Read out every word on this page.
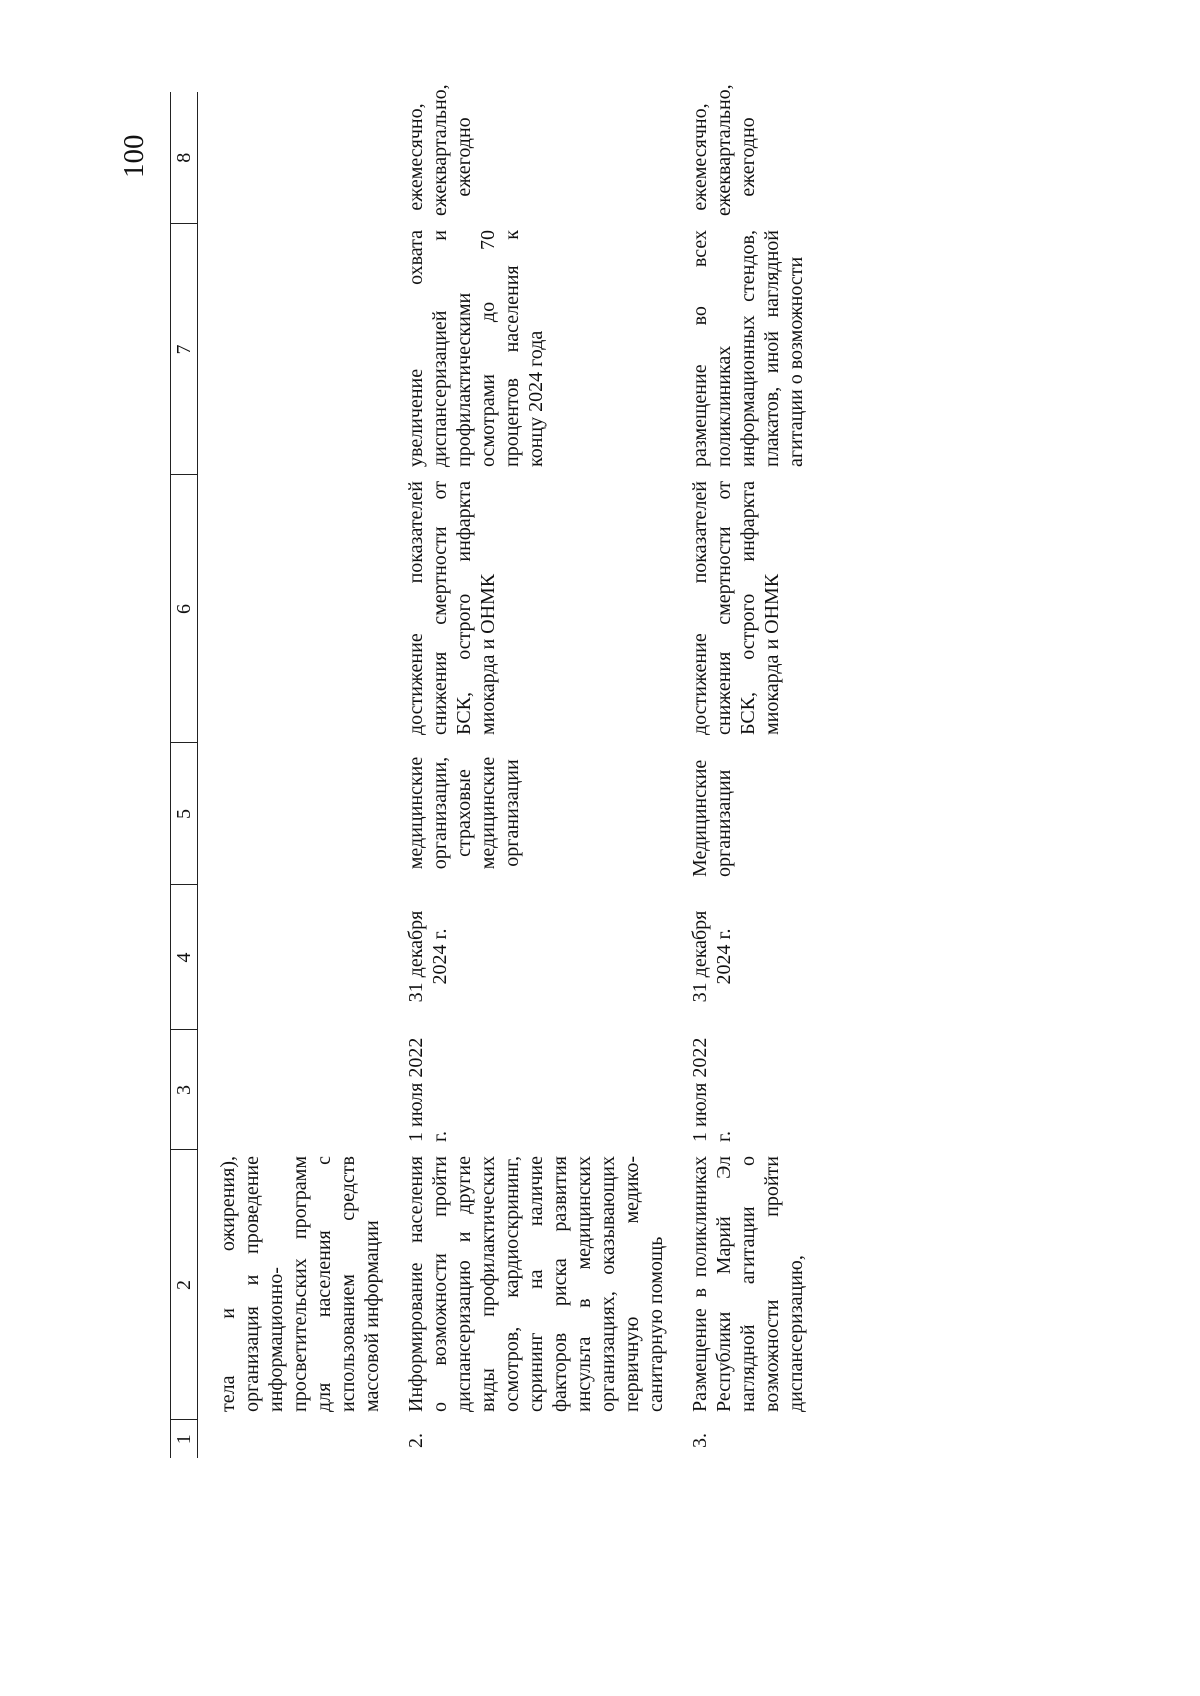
100
1	2	3	4	5	6	7	8
	тела и ожирения), организация и проведение информационно-просветительских программ для населения с использованием средств массовой информации						
2.	Информирование населения о возможности пройти диспансеризацию и другие виды профилактических осмотров, кардиоскрининг, скрининг на наличие факторов риска развития инсульта в медицинских организациях, оказывающих первичную медико-санитарную помощь	1 июля 2022 г.	31 декабря 2024 г.	медицинские организации, страховые медицинские организации	достижение показателей снижения смертности от БСК, острого инфаркта миокарда и ОНМК	увеличение охвата диспансеризацией и профилактическими осмотрами до 70 процентов населения к концу 2024 года	ежемесячно, ежеквартально, ежегодно
3.	Размещение в поликлиниках Республики Марий Эл наглядной агитации о возможности пройти диспансеризацию,	1 июля 2022 г.	31 декабря 2024 г.	Медицинские организации	достижение показателей снижения смертности от БСК, острого инфаркта миокарда и ОНМК	размещение во всех поликлиниках информационных стендов, плакатов, иной наглядной агитации о возможности	ежемесячно, ежеквартально, ежегодно
